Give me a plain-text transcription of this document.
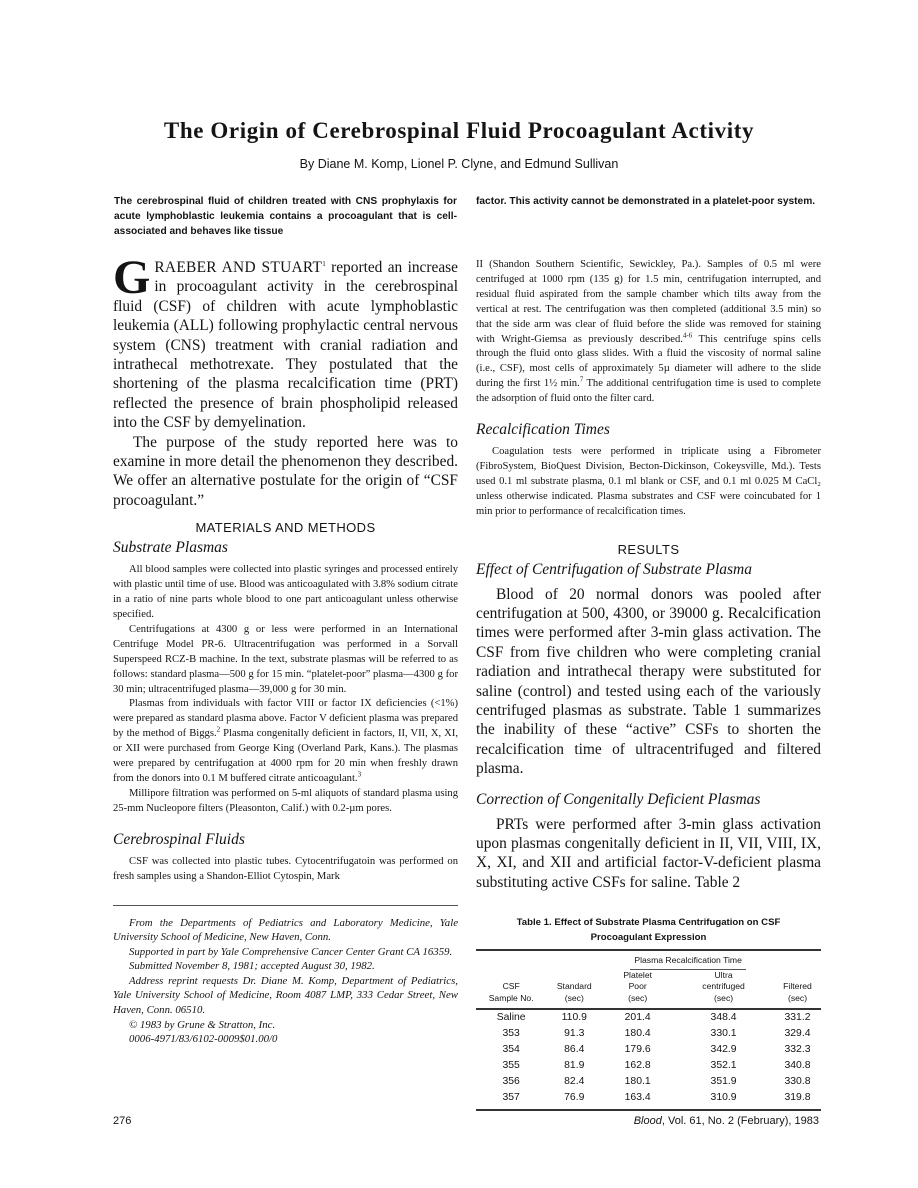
The Origin of Cerebrospinal Fluid Procoagulant Activity
By Diane M. Komp, Lionel P. Clyne, and Edmund Sullivan
The cerebrospinal fluid of children treated with CNS prophylaxis for acute lymphoblastic leukemia contains a procoagulant that is cell-associated and behaves like tissue
factor. This activity cannot be demonstrated in a platelet-poor system.

GRAEBER AND STUART$^1$ reported an increase in procoagulant activity in the cerebrospinal fluid (CSF) of children with acute lymphoblastic leukemia (ALL) following prophylactic central nervous system (CNS) treatment with cranial radiation and intrathecal methotrexate. They postulated that the shortening of the plasma recalcification time (PRT) reflected the presence of brain phospholipid released into the CSF by demyelination.

The purpose of the study reported here was to examine in more detail the phenomenon they described. We offer an alternative postulate for the origin of “CSF procoagulant.”

MATERIALS AND METHODS
Substrate Plasmas

All blood samples were collected into plastic syringes and processed entirely with plastic until time of use. Blood was anticoagulated with 3.8% sodium citrate in a ratio of nine parts whole blood to one part anticoagulant unless otherwise specified.

Centrifugations at 4300 g or less were performed in an International Centrifuge Model PR-6. Ultracentrifugation was performed in a Sorvall Superspeed RCZ-B machine. In the text, substrate plasmas will be referred to as follows: standard plasma—500 g for 15 min. “platelet-poor” plasma—4300 g for 30 min; ultracentrifuged plasma—39,000 g for 30 min.

Plasmas from individuals with factor VIII or factor IX deficiencies (<1%) were prepared as standard plasma above. Factor V deficient plasma was prepared by the method of Biggs.$^2$ Plasma congenitally deficient in factors, II, VII, X, XI, or XII were purchased from George King (Overland Park, Kans.). The plasmas were prepared by centrifugation at 4000 rpm for 20 min when freshly drawn from the donors into 0.1 M buffered citrate anticoagulant.$^3$

Millipore filtration was performed on 5-ml aliquots of standard plasma using 25-mm Nucleopore filters (Pleasonton, Calif.) with 0.2-µm pores.

Cerebrospinal Fluids

CSF was collected into plastic tubes. Cytocentrifugatoin was performed on fresh samples using a Shandon-Elliot Cytospin, Mark

From the Departments of Pediatrics and Laboratory Medicine, Yale University School of Medicine, New Haven, Conn.

Supported in part by Yale Comprehensive Cancer Center Grant CA 16359.

Submitted November 8, 1981; accepted August 30, 1982.

Address reprint requests Dr. Diane M. Komp, Department of Pediatrics, Yale University School of Medicine, Room 4087 LMP, 333 Cedar Street, New Haven, Conn. 06510.

© 1983 by Grune & Stratton, Inc.

0006-4971/83/6102-0009$01.00/0

II (Shandon Southern Scientific, Sewickley, Pa.). Samples of 0.5 ml were centrifuged at 1000 rpm (135 g) for 1.5 min, centrifugation interrupted, and residual fluid aspirated from the sample chamber which tilts away from the vertical at rest. The centrifugation was then completed (additional 3.5 min) so that the side arm was clear of fluid before the slide was removed for staining with Wright-Giemsa as previously described.$^{4-6}$ This centrifuge spins cells through the fluid onto glass slides. With a fluid the viscosity of normal saline (i.e., CSF), most cells of approximately 5µ diameter will adhere to the slide during the first 1½ min.$^7$ The additional centrifugation time is used to complete the adsorption of fluid onto the filter card.

Recalcification Times

Coagulation tests were performed in triplicate using a Fibrometer (FibroSystem, BioQuest Division, Becton-Dickinson, Cokeysville, Md.). Tests used 0.1 ml substrate plasma, 0.1 ml blank or CSF, and 0.1 ml 0.025 M CaCl₂ unless otherwise indicated. Plasma substrates and CSF were coincubated for 1 min prior to performance of recalcification times.

RESULTS
Effect of Centrifugation of Substrate Plasma

Blood of 20 normal donors was pooled after centrifugation at 500, 4300, or 39000 g. Recalcification times were performed after 3-min glass activation. The CSF from five children who were completing cranial radiation and intrathecal therapy were substituted for saline (control) and tested using each of the variously centrifuged plasmas as substrate. Table 1 summarizes the inability of these “active” CSFs to shorten the recalcification time of ultracentrifuged and filtered plasma.

Correction of Congenitally Deficient Plasmas

PRTs were performed after 3-min glass activation upon plasmas congenitally deficient in II, VII, VIII, IX, X, XI, and XII and artificial factor-V-deficient plasma substituting active CSFs for saline. Table 2

Table 1. Effect of Substrate Plasma Centrifugation on CSF
Procoagulant Expression
		Plasma Recalcification Time		
		Platelet	Ultra	
CSF	Standard	Poor	centrifuged	Filtered
Sample No.	(sec)	(sec)	(sec)	(sec)
Saline	110.9	201.4	348.4	331.2
353	91.3	180.4	330.1	329.4
354	86.4	179.6	342.9	332.3
355	81.9	162.8	352.1	340.8
356	82.4	180.1	351.9	330.8
357	76.9	163.4	310.9	319.8
276	Blood, Vol. 61, No. 2 (February), 1983
